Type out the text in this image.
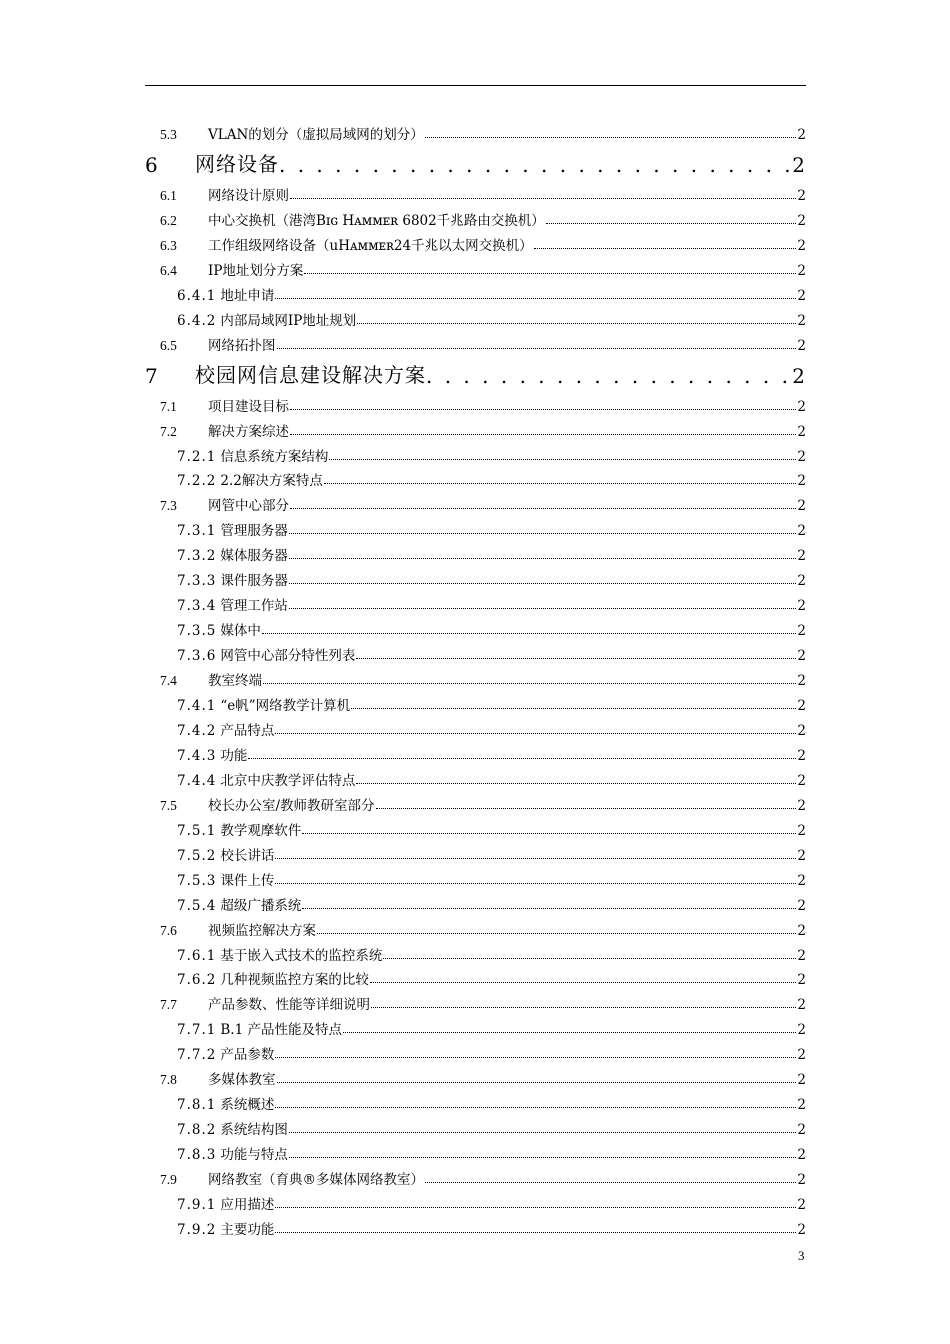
5.3	VLAN的划分（虚拟局域网的划分）	2
6	网络设备 . . .	2
6.1	网络设计原则	2
6.2	中心交换机（港湾Bɪɢ Hᴀᴍᴍᴇʀ 6802千兆路由交换机）	2
6.3	工作组级网络设备（uHᴀᴍᴍᴇʀ24千兆以太网交换机）	2
6.4	IP地址划分方案	2
6.4.1 地址申请	2
6.4.2 内部局域网IP地址规划	2
6.5	网络拓扑图	2
7	校园网信息建设解决方案 . . .	2
7.1	项目建设目标	2
7.2	解决方案综述	2
7.2.1 信息系统方案结构	2
7.2.2 2.2解决方案特点	2
7.3	网管中心部分	2
7.3.1 管理服务器	2
7.3.2 媒体服务器	2
7.3.3 课件服务器	2
7.3.4 管理工作站	2
7.3.5 媒体中	2
7.3.6 网管中心部分特性列表	2
7.4	教室终端	2
7.4.1 “e帆”网络教学计算机	2
7.4.2 产品特点	2
7.4.3 功能	2
7.4.4 北京中庆教学评估特点	2
7.5	校长办公室/教师教研室部分	2
7.5.1 教学观摩软件	2
7.5.2 校长讲话	2
7.5.3 课件上传	2
7.5.4 超级广播系统	2
7.6	视频监控解决方案	2
7.6.1 基于嵌入式技术的监控系统	2
7.6.2 几种视频监控方案的比较	2
7.7	产品参数、性能等详细说明	2
7.7.1 B.1 产品性能及特点	2
7.7.2 产品参数	2
7.8	多媒体教室	2
7.8.1 系统概述	2
7.8.2 系统结构图	2
7.8.3 功能与特点	2
7.9	网络教室（育典®多媒体网络教室）	2
7.9.1 应用描述	2
7.9.2 主要功能	2
3
